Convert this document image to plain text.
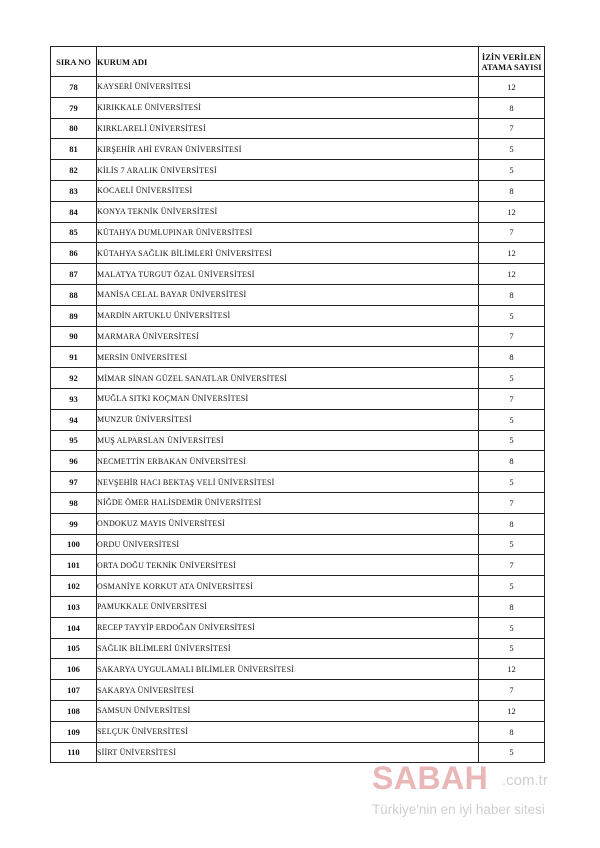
SIRA NO	KURUM ADI	İZİN VERİLEN
ATAMA SAYISI

78	KAYSERİ ÜNİVERSİTESİ	12
79	KIRIKKALE ÜNİVERSİTESİ	8
80	KIRKLARELİ ÜNİVERSİTESİ	7
81	KIRŞEHİR AHİ EVRAN ÜNİVERSİTESİ	5
82	KİLİS 7 ARALIK ÜNİVERSİTESİ	5
83	KOCAELİ ÜNİVERSİTESİ	8
84	KONYA TEKNİK ÜNİVERSİTESİ	12
85	KÜTAHYA DUMLUPINAR ÜNİVERSİTESİ	7
86	KÜTAHYA SAĞLIK BİLİMLERİ ÜNİVERSİTESİ	12
87	MALATYA TURGUT ÖZAL ÜNİVERSİTESİ	12
88	MANİSA CELAL BAYAR ÜNİVERSİTESİ	8
89	MARDİN ARTUKLU ÜNİVERSİTESİ	5
90	MARMARA ÜNİVERSİTESİ	7
91	MERSİN ÜNİVERSİTESİ	8
92	MİMAR SİNAN GÜZEL SANATLAR ÜNİVERSİTESİ	5
93	MUĞLA SITKI KOÇMAN ÜNİVERSİTESİ	7
94	MUNZUR ÜNİVERSİTESİ	5
95	MUŞ ALPARSLAN ÜNİVERSİTESİ	5
96	NECMETTİN ERBAKAN ÜNİVERSİTESİ	8
97	NEVŞEHİR HACI BEKTAŞ VELİ ÜNİVERSİTESİ	5
98	NİĞDE ÖMER HALİSDEMİR ÜNİVERSİTESİ	7
99	ONDOKUZ MAYIS ÜNİVERSİTESİ	8
100	ORDU ÜNİVERSİTESİ	5
101	ORTA DOĞU TEKNİK ÜNİVERSİTESİ	7
102	OSMANİYE KORKUT ATA ÜNİVERSİTESİ	5
103	PAMUKKALE ÜNİVERSİTESİ	8
104	RECEP TAYYİP ERDOĞAN ÜNİVERSİTESİ	5
105	SAĞLIK BİLİMLERİ ÜNİVERSİTESİ	5
106	SAKARYA UYGULAMALI BİLİMLER ÜNİVERSİTESİ	12
107	SAKARYA ÜNİVERSİTESİ	7
108	SAMSUN ÜNİVERSİTESİ	12
109	SELÇUK ÜNİVERSİTESİ	8
110	SİİRT ÜNİVERSİTESİ	5
SABAH .com.tr
Türkiye'nin en iyi haber sitesi
